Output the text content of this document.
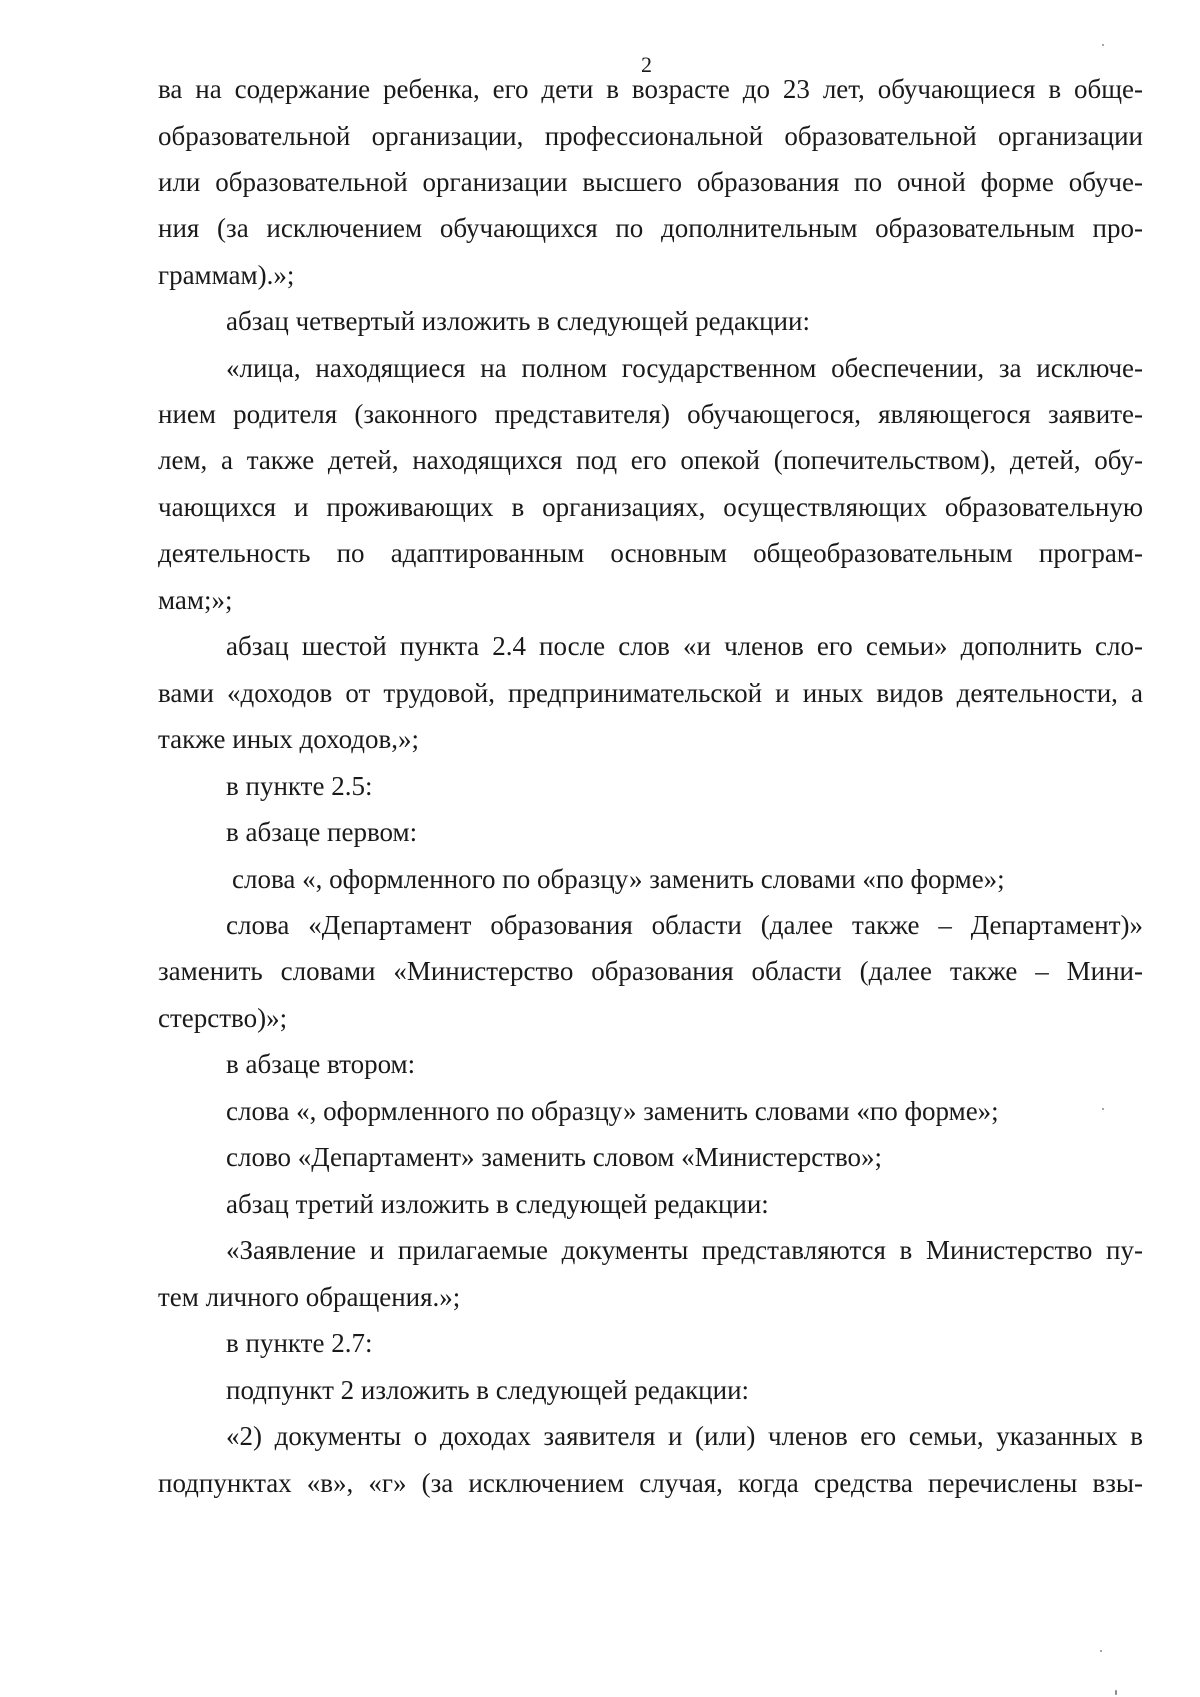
2
ва на содержание ребенка, его дети в возрасте до 23 лет, обучающиеся в обще-
образовательной организации, профессиональной образовательной организации
или образовательной организации высшего образования по очной форме обуче-
ния (за исключением обучающихся по дополнительным образовательным про-
граммам).»;
абзац четвертый изложить в следующей редакции:
«лица, находящиеся на полном государственном обеспечении, за исключе-
нием родителя (законного представителя) обучающегося, являющегося заявите-
лем, а также детей, находящихся под его опекой (попечительством), детей, обу-
чающихся и проживающих в организациях, осуществляющих образовательную
деятельность по адаптированным основным общеобразовательным програм-
мам;»;
абзац шестой пункта 2.4 после слов «и членов его семьи» дополнить сло-
вами «доходов от трудовой, предпринимательской и иных видов деятельности, а
также иных доходов,»;
в пункте 2.5:
в абзаце первом:
слова «, оформленного по образцу» заменить словами «по форме»;
слова «Департамент образования области (далее также – Департамент)»
заменить словами «Министерство образования области (далее также – Мини-
стерство)»;
в абзаце втором:
слова «, оформленного по образцу» заменить словами «по форме»;
слово «Департамент» заменить словом «Министерство»;
абзац третий изложить в следующей редакции:
«Заявление и прилагаемые документы представляются в Министерство пу-
тем личного обращения.»;
в пункте 2.7:
подпункт 2 изложить в следующей редакции:
«2) документы о доходах заявителя и (или) членов его семьи, указанных в
подпунктах «в», «г» (за исключением случая, когда средства перечислены взы-
